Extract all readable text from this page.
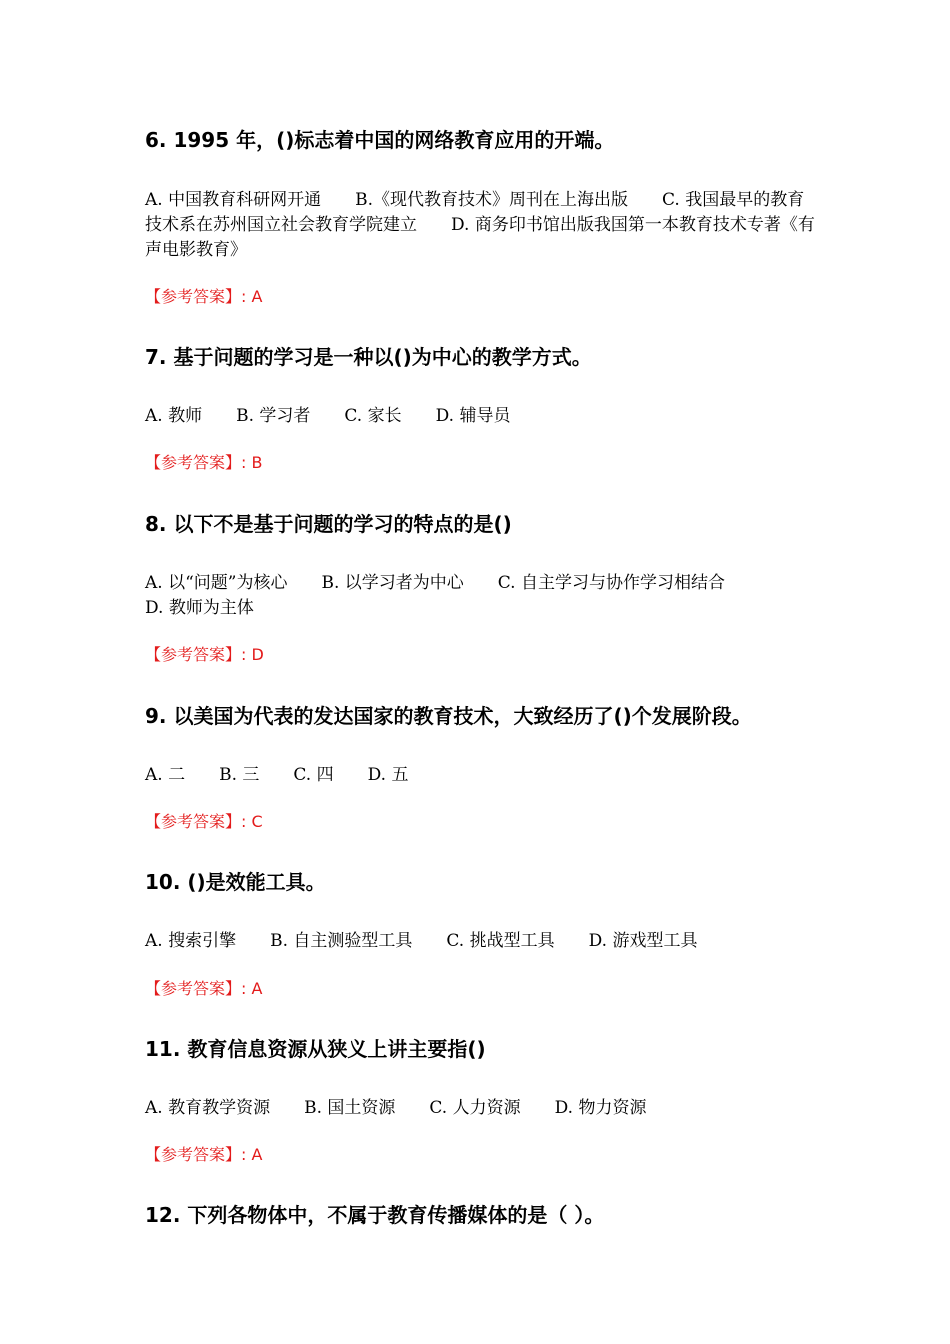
6. 1995 年，()标志着中国的网络教育应用的开端。
A. 中国教育科研网开通 B.《现代教育技术》周刊在上海出版 C. 我国最早的教育技术系在苏州国立社会教育学院建立 D. 商务印书馆出版我国第一本教育技术专著《有声电影教育》
【参考答案】: A
7. 基于问题的学习是一种以()为中心的教学方式。
A. 教师 B. 学习者 C. 家长 D. 辅导员
【参考答案】: B
8. 以下不是基于问题的学习的特点的是()
A. 以“问题”为核心 B. 以学习者为中心 C. 自主学习与协作学习相结合D. 教师为主体
【参考答案】: D
9. 以美国为代表的发达国家的教育技术，大致经历了()个发展阶段。
A. 二 B. 三 C. 四 D. 五
【参考答案】: C
10. ()是效能工具。
A. 搜索引擎 B. 自主测验型工具 C. 挑战型工具 D. 游戏型工具
【参考答案】: A
11. 教育信息资源从狭义上讲主要指()
A. 教育教学资源 B. 国土资源 C. 人力资源 D. 物力资源
【参考答案】: A
12. 下列各物体中，不属于教育传播媒体的是（ ）。
